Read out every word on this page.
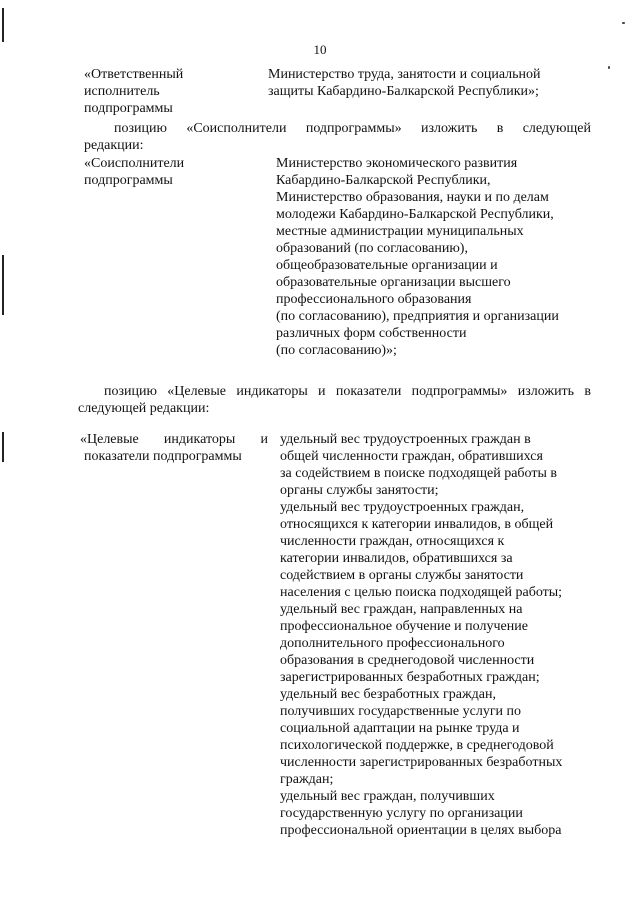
10
«Ответственный
исполнитель
подпрограммы
Министерство труда, занятости и социальной
защиты Кабардино-Балкарской Республики»;
позицию «Соисполнители подпрограммы» изложить в следующей
редакции:
«Соисполнители
подпрограммы
Министерство экономического развития
Кабардино-Балкарской Республики,
Министерство образования, науки и по делам
молодежи Кабардино-Балкарской Республики,
местные администрации муниципальных
образований (по согласованию),
общеобразовательные организации и
образовательные организации высшего
профессионального образования
(по согласованию), предприятия и организации
различных форм собственности
(по согласованию)»;
позицию «Целевые индикаторы и показатели подпрограммы» изложить в
следующей редакции:
«Целевые индикаторы и
показатели подпрограммы
удельный вес трудоустроенных граждан в
общей численности граждан, обратившихся
за содействием в поиске подходящей работы в
органы службы занятости;
удельный вес трудоустроенных граждан,
относящихся к категории инвалидов, в общей
численности граждан, относящихся к
категории инвалидов, обратившихся за
содействием в органы службы занятости
населения с целью поиска подходящей работы;
удельный вес граждан, направленных на
профессиональное обучение и получение
дополнительного профессионального
образования в среднегодовой численности
зарегистрированных безработных граждан;
удельный вес безработных граждан,
получивших государственные услуги по
социальной адаптации на рынке труда и
психологической поддержке, в среднегодовой
численности зарегистрированных безработных
граждан;
удельный вес граждан, получивших
государственную услугу по организации
профессиональной ориентации в целях выбора
